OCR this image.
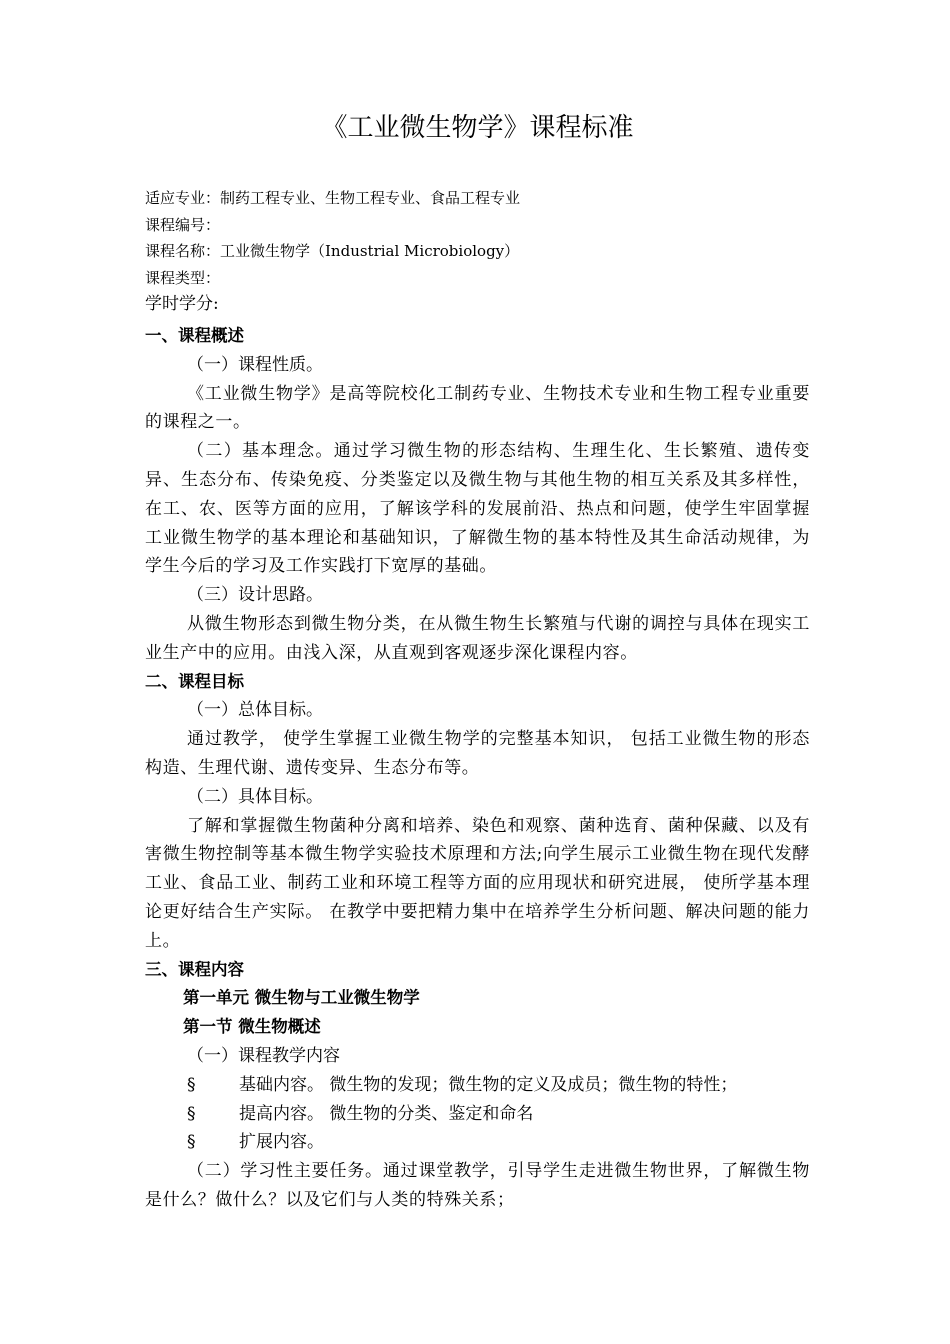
《工业微生物学》课程标准
适应专业：制药工程专业、生物工程专业、食品工程专业
课程编号：
课程名称：工业微生物学（Industrial Microbiology）
课程类型：
学时学分:

一、课程概述

（一）课程性质。

《工业微生物学》是高等院校化工制药专业、生物技术专业和生物工程专业重要的课程之一。

（二）基本理念。通过学习微生物的形态结构、生理生化、生长繁殖、遗传变异、生态分布、传染免疫、分类鉴定以及微生物与其他生物的相互关系及其多样性，在工、农、医等方面的应用，了解该学科的发展前沿、热点和问题，使学生牢固掌握工业微生物学的基本理论和基础知识，了解微生物的基本特性及其生命活动规律，为学生今后的学习及工作实践打下宽厚的基础。

（三）设计思路。

从微生物形态到微生物分类，在从微生物生长繁殖与代谢的调控与具体在现实工业生产中的应用。由浅入深，从直观到客观逐步深化课程内容。

二、课程目标

（一）总体目标。

通过教学， 使学生掌握工业微生物学的完整基本知识， 包括工业微生物的形态构造、生理代谢、遗传变异、生态分布等。

（二）具体目标。

了解和掌握微生物菌种分离和培养、染色和观察、菌种选育、菌种保藏、以及有害微生物控制等基本微生物学实验技术原理和方法;向学生展示工业微生物在现代发酵工业、食品工业、制药工业和环境工程等方面的应用现状和研究进展， 使所学基本理论更好结合生产实际。 在教学中要把精力集中在培养学生分析问题、解决问题的能力上。

三、课程内容

第一单元 微生物与工业微生物学

第一节 微生物概述

（一）课程教学内容

§	基础内容。 微生物的发现；微生物的定义及成员；微生物的特性；

§	提高内容。 微生物的分类、鉴定和命名

§	扩展内容。

（二）学习性主要任务。通过课堂教学，引导学生走进微生物世界，了解微生物是什么？做什么？以及它们与人类的特殊关系；
